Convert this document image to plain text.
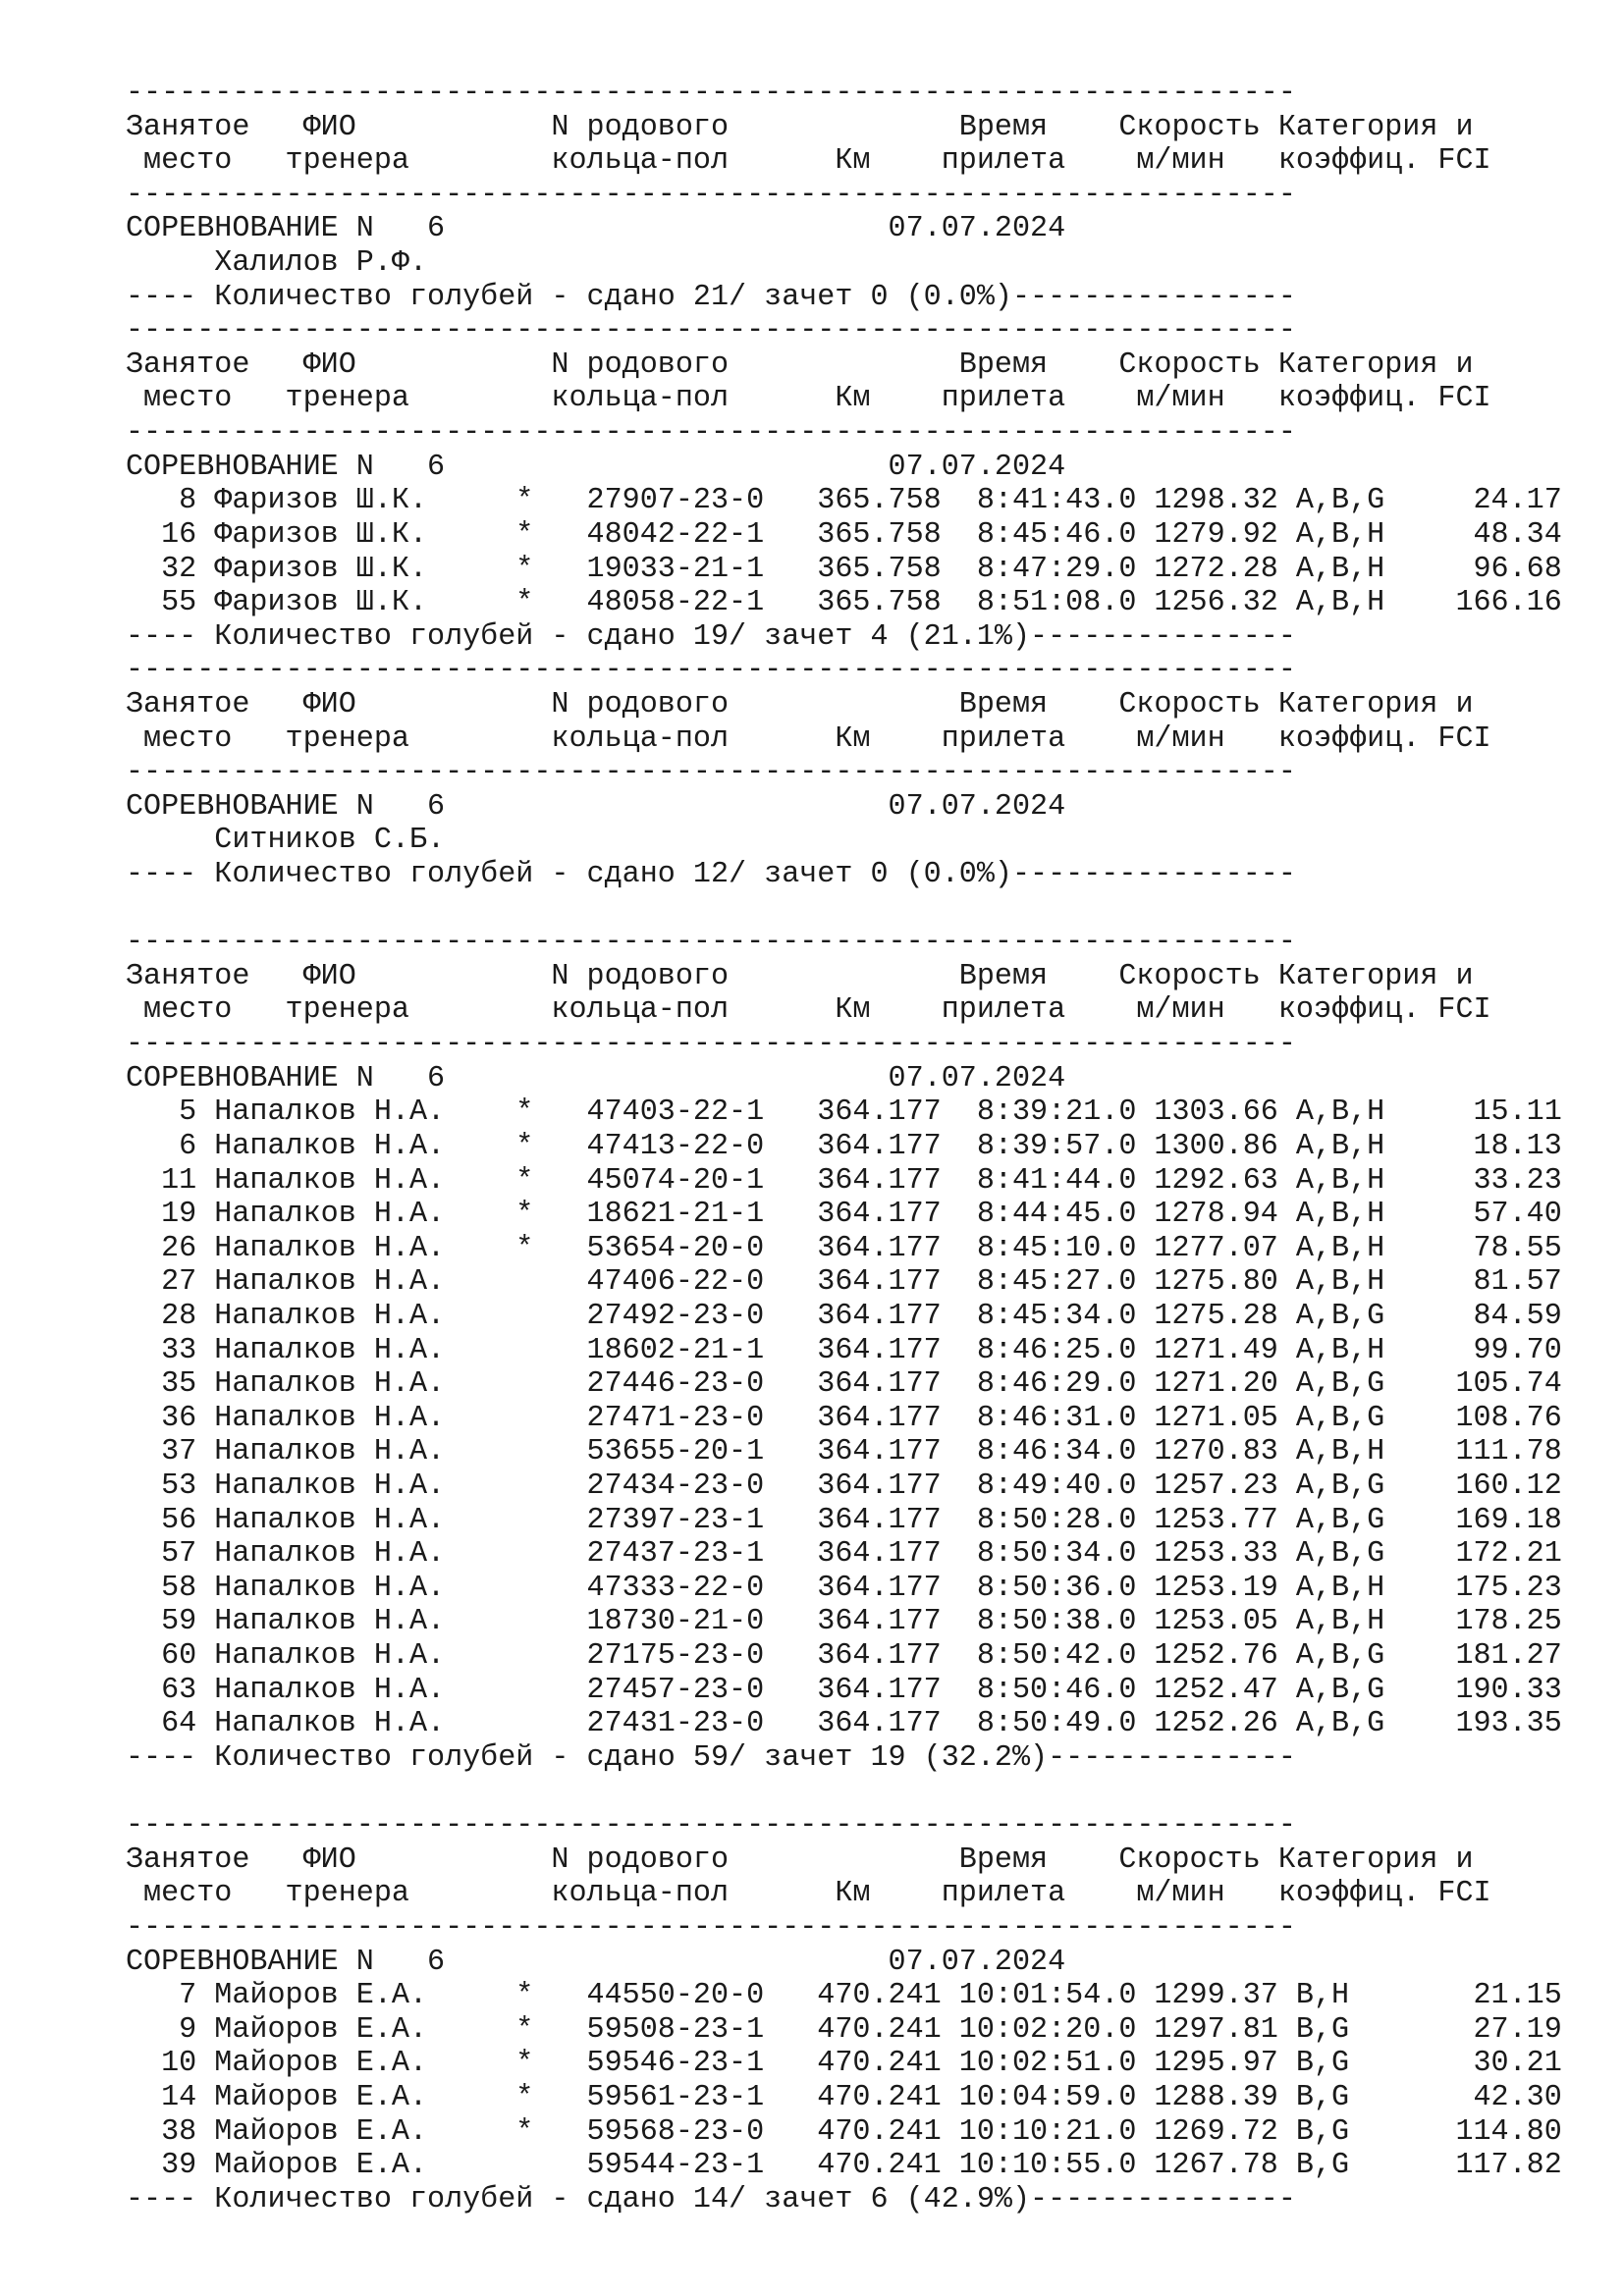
------------------------------------------------------------------
Занятое   ФИО           N родового             Время    Скорость Категория и
место   тренера        кольца-пол      Км    прилета    м/мин   коэффиц. FCI
------------------------------------------------------------------
СОРЕВНОВАНИЕ N   6                         07.07.2024
Халилов Р.Ф.
---- Количество голубей - сдано 21/ зачет 0 (0.0%)----------------
------------------------------------------------------------------
Занятое   ФИО           N родового             Время    Скорость Категория и
место   тренера        кольца-пол      Км    прилета    м/мин   коэффиц. FCI
------------------------------------------------------------------
СОРЕВНОВАНИЕ N   6                         07.07.2024
8 Фаризов Ш.К.     *   27907-23-0   365.758  8:41:43.0 1298.32 A,B,G     24.17
16 Фаризов Ш.К.     *   48042-22-1   365.758  8:45:46.0 1279.92 A,B,H     48.34
32 Фаризов Ш.К.     *   19033-21-1   365.758  8:47:29.0 1272.28 A,B,H     96.68
55 Фаризов Ш.К.     *   48058-22-1   365.758  8:51:08.0 1256.32 A,B,H    166.16
---- Количество голубей - сдано 19/ зачет 4 (21.1%)---------------
------------------------------------------------------------------
Занятое   ФИО           N родового             Время    Скорость Категория и
место   тренера        кольца-пол      Км    прилета    м/мин   коэффиц. FCI
------------------------------------------------------------------
СОРЕВНОВАНИЕ N   6                         07.07.2024
Ситников С.Б.
---- Количество голубей - сдано 12/ зачет 0 (0.0%)----------------
------------------------------------------------------------------
Занятое   ФИО           N родового             Время    Скорость Категория и
место   тренера        кольца-пол      Км    прилета    м/мин   коэффиц. FCI
------------------------------------------------------------------
СОРЕВНОВАНИЕ N   6                         07.07.2024
5 Напалков Н.А.    *   47403-22-1   364.177  8:39:21.0 1303.66 A,B,H     15.11
6 Напалков Н.А.    *   47413-22-0   364.177  8:39:57.0 1300.86 A,B,H     18.13
11 Напалков Н.А.    *   45074-20-1   364.177  8:41:44.0 1292.63 A,B,H     33.23
19 Напалков Н.А.    *   18621-21-1   364.177  8:44:45.0 1278.94 A,B,H     57.40
26 Напалков Н.А.    *   53654-20-0   364.177  8:45:10.0 1277.07 A,B,H     78.55
27 Напалков Н.А.        47406-22-0   364.177  8:45:27.0 1275.80 A,B,H     81.57
28 Напалков Н.А.        27492-23-0   364.177  8:45:34.0 1275.28 A,B,G     84.59
33 Напалков Н.А.        18602-21-1   364.177  8:46:25.0 1271.49 A,B,H     99.70
35 Напалков Н.А.        27446-23-0   364.177  8:46:29.0 1271.20 A,B,G    105.74
36 Напалков Н.А.        27471-23-0   364.177  8:46:31.0 1271.05 A,B,G    108.76
37 Напалков Н.А.        53655-20-1   364.177  8:46:34.0 1270.83 A,B,H    111.78
53 Напалков Н.А.        27434-23-0   364.177  8:49:40.0 1257.23 A,B,G    160.12
56 Напалков Н.А.        27397-23-1   364.177  8:50:28.0 1253.77 A,B,G    169.18
57 Напалков Н.А.        27437-23-1   364.177  8:50:34.0 1253.33 A,B,G    172.21
58 Напалков Н.А.        47333-22-0   364.177  8:50:36.0 1253.19 A,B,H    175.23
59 Напалков Н.А.        18730-21-0   364.177  8:50:38.0 1253.05 A,B,H    178.25
60 Напалков Н.А.        27175-23-0   364.177  8:50:42.0 1252.76 A,B,G    181.27
63 Напалков Н.А.        27457-23-0   364.177  8:50:46.0 1252.47 A,B,G    190.33
64 Напалков Н.А.        27431-23-0   364.177  8:50:49.0 1252.26 A,B,G    193.35
---- Количество голубей - сдано 59/ зачет 19 (32.2%)--------------
------------------------------------------------------------------
Занятое   ФИО           N родового             Время    Скорость Категория и
место   тренера        кольца-пол      Км    прилета    м/мин   коэффиц. FCI
------------------------------------------------------------------
СОРЕВНОВАНИЕ N   6                         07.07.2024
7 Майоров Е.А.     *   44550-20-0   470.241 10:01:54.0 1299.37 B,H       21.15
9 Майоров Е.А.     *   59508-23-1   470.241 10:02:20.0 1297.81 B,G       27.19
10 Майоров Е.А.     *   59546-23-1   470.241 10:02:51.0 1295.97 B,G       30.21
14 Майоров Е.А.     *   59561-23-1   470.241 10:04:59.0 1288.39 B,G       42.30
38 Майоров Е.А.     *   59568-23-0   470.241 10:10:21.0 1269.72 B,G      114.80
39 Майоров Е.А.         59544-23-1   470.241 10:10:55.0 1267.78 B,G      117.82
---- Количество голубей - сдано 14/ зачет 6 (42.9%)---------------
